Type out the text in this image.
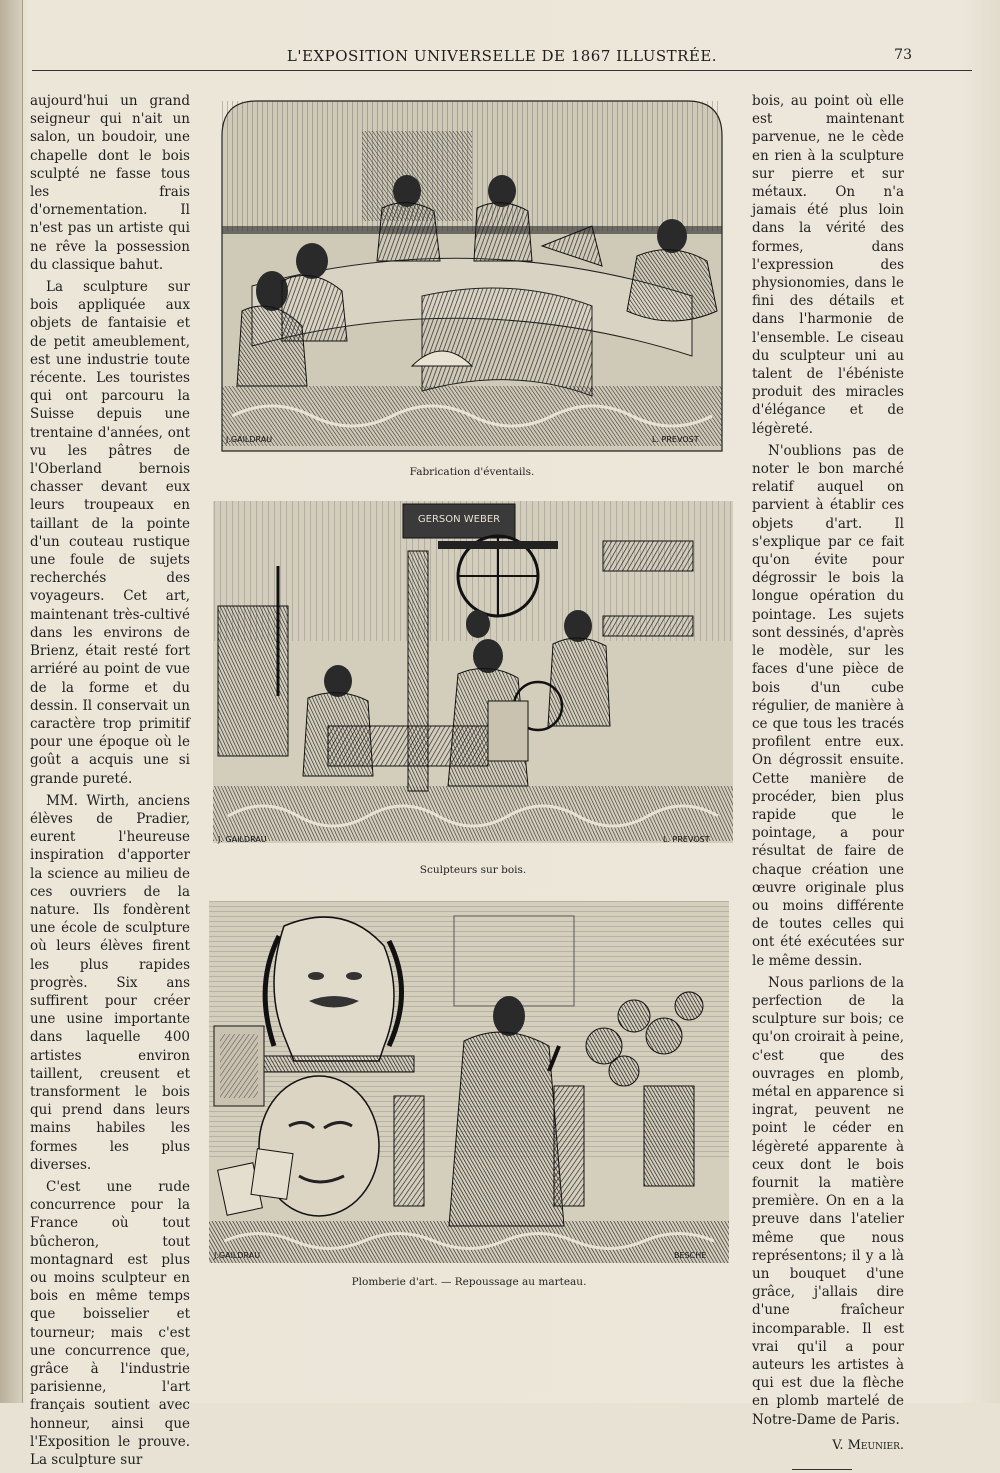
L'EXPOSITION UNIVERSELLE DE 1867 ILLUSTRÉE.	73

aujourd'hui un grand seigneur qui n'ait un salon, un boudoir, une chapelle dont le bois sculpté ne fasse tous les frais d'ornementation. Il n'est pas un artiste qui ne rêve la possession du classique bahut.

La sculpture sur bois appliquée aux objets de fantaisie et de petit ameublement, est une industrie toute récente. Les touristes qui ont parcouru la Suisse depuis une trentaine d'années, ont vu les pâtres de l'Oberland bernois chasser devant eux leurs troupeaux en taillant de la pointe d'un couteau rustique une foule de sujets recherchés des voyageurs. Cet art, maintenant très-cultivé dans les environs de Brienz, était resté fort arriéré au point de vue de la forme et du dessin. Il conservait un caractère trop primitif pour une époque où le goût a acquis une si grande pureté.

MM. Wirth, anciens élèves de Pradier, eurent l'heureuse inspiration d'apporter la science au milieu de ces ouvriers de la nature. Ils fondèrent une école de sculpture où leurs élèves firent les plus rapides progrès. Six ans suffirent pour créer une usine importante dans laquelle 400 artistes environ taillent, creusent et transforment le bois qui prend dans leurs mains habiles les formes les plus diverses.

C'est une rude concurrence pour la France où tout bûcheron, tout montagnard est plus ou moins sculpteur en bois en même temps que boisselier et tourneur; mais c'est une concurrence que, grâce à l'industrie parisienne, l'art français soutient avec honneur, ainsi que l'Exposition le prouve. La sculpture sur

bois, au point où elle est maintenant parvenue, ne le cède en rien à la sculpture sur pierre et sur métaux. On n'a jamais été plus loin dans la vérité des formes, dans l'expression des physionomies, dans le fini des détails et dans l'harmonie de l'ensemble. Le ciseau du sculpteur uni au talent de l'ébéniste produit des miracles d'élégance et de légèreté.

N'oublions pas de noter le bon marché relatif auquel on parvient à établir ces objets d'art. Il s'explique par ce fait qu'on évite pour dégrossir le bois la longue opération du pointage. Les sujets sont dessinés, d'après le modèle, sur les faces d'une pièce de bois d'un cube régulier, de manière à ce que tous les tracés profilent entre eux. On dégrossit ensuite. Cette manière de procéder, bien plus rapide que le pointage, a pour résultat de faire de chaque création une œuvre originale plus ou moins différente de toutes celles qui ont été exécutées sur le même dessin.

Nous parlions de la perfection de la sculpture sur bois; ce qu'on croirait à peine, c'est que des ouvrages en plomb, métal en apparence si ingrat, peuvent ne point le céder en légèreté apparente à ceux dont le bois fournit la matière première. On en a la preuve dans l'atelier même que nous représentons; il y a là un bouquet d'une grâce, j'allais dire d'une fraîcheur incomparable. Il est vrai qu'il a pour auteurs les artistes à qui est due la flèche en plomb martelé de Notre-Dame de Paris.

V. Meunier.
J.GAILDRAU	L. PREVOST
Fabrication d'éventails.
GERSON WEBER
J. GAILDRAU	L. PREVOST
Sculpteurs sur bois.
J.GAILDRAU	BESCHE
Plomberie d'art. — Repoussage au marteau.
